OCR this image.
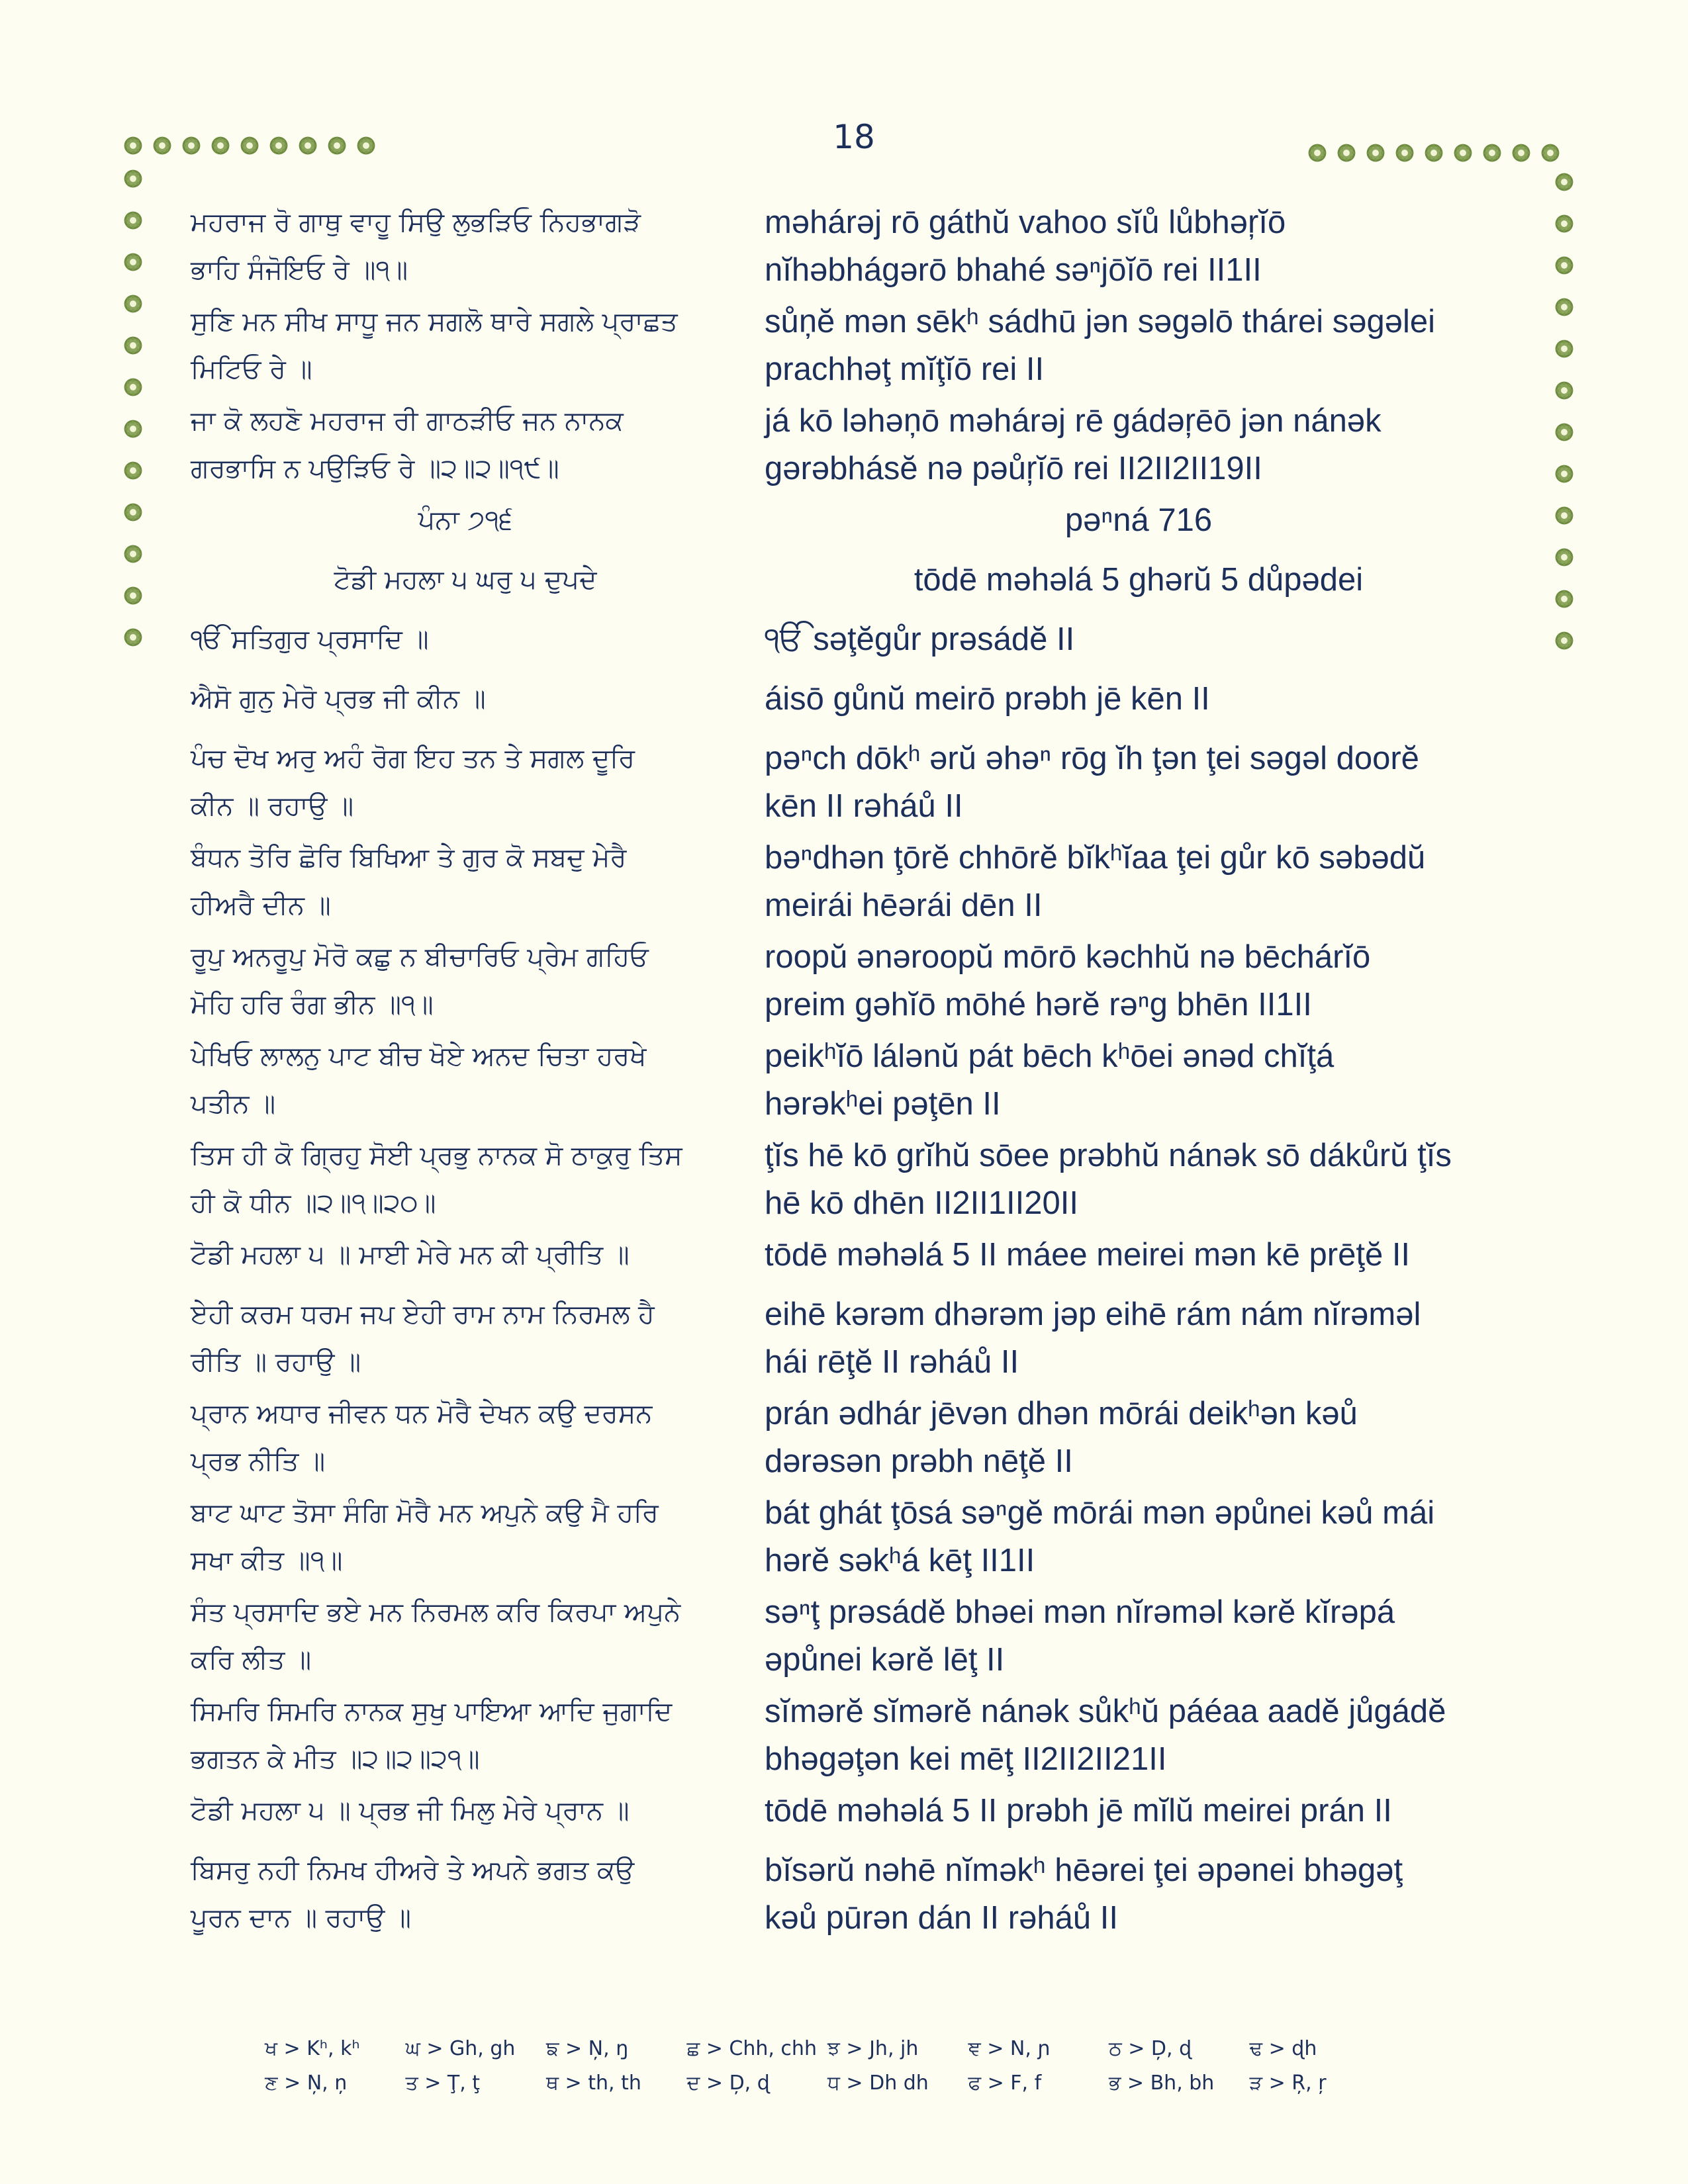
18
ਮਹਰਾਜ ਰੋ ਗਾਥੁ ਵਾਹੂ ਸਿਉ ਲੁਭੜਿਓ ਨਿਹਭਾਗੜੋ
ਭਾਹਿ ਸੰਜੋਇਓ ਰੇ ॥੧॥
ਸੁਣਿ ਮਨ ਸੀਖ ਸਾਧੂ ਜਨ ਸਗਲੋ ਥਾਰੇ ਸਗਲੇ ਪ੍ਰਾਛਤ
ਮਿਟਿਓ ਰੇ ॥
ਜਾ ਕੋ ਲਹਣੋ ਮਹਰਾਜ ਰੀ ਗਾਠੜੀਓ ਜਨ ਨਾਨਕ
ਗਰਭਾਸਿ ਨ ਪਉੜਿਓ ਰੇ ॥੨॥੨॥੧੯॥
ਪੰਨਾ ੭੧੬
ਟੋਡੀ ਮਹਲਾ ੫ ਘਰੁ ੫ ਦੁਪਦੇ
ੴ ਸਤਿਗੁਰ ਪ੍ਰਸਾਦਿ ॥
ਐਸੋ ਗੁਨੁ ਮੇਰੋ ਪ੍ਰਭ ਜੀ ਕੀਨ ॥
ਪੰਚ ਦੋਖ ਅਰੁ ਅਹੰ ਰੋਗ ਇਹ ਤਨ ਤੇ ਸਗਲ ਦੂਰਿ
ਕੀਨ ॥ ਰਹਾਉ ॥
ਬੰਧਨ ਤੋਰਿ ਛੋਰਿ ਬਿਖਿਆ ਤੇ ਗੁਰ ਕੋ ਸਬਦੁ ਮੇਰੈ
ਹੀਅਰੈ ਦੀਨ ॥
ਰੂਪੁ ਅਨਰੂਪੁ ਮੋਰੋ ਕਛੁ ਨ ਬੀਚਾਰਿਓ ਪ੍ਰੇਮ ਗਹਿਓ
ਮੋਹਿ ਹਰਿ ਰੰਗ ਭੀਨ ॥੧॥
ਪੇਖਿਓ ਲਾਲਨੁ ਪਾਟ ਬੀਚ ਖੋਏ ਅਨਦ ਚਿਤਾ ਹਰਖੇ
ਪਤੀਨ ॥
ਤਿਸ ਹੀ ਕੋ ਗ੍ਰਿਹੁ ਸੋਈ ਪ੍ਰਭੁ ਨਾਨਕ ਸੋ ਠਾਕੁਰੁ ਤਿਸ
ਹੀ ਕੋ ਧੀਨ ॥੨॥੧॥੨੦॥
ਟੋਡੀ ਮਹਲਾ ੫ ॥ ਮਾਈ ਮੇਰੇ ਮਨ ਕੀ ਪ੍ਰੀਤਿ ॥
ਏਹੀ ਕਰਮ ਧਰਮ ਜਪ ਏਹੀ ਰਾਮ ਨਾਮ ਨਿਰਮਲ ਹੈ
ਰੀਤਿ ॥ ਰਹਾਉ ॥
ਪ੍ਰਾਨ ਅਧਾਰ ਜੀਵਨ ਧਨ ਮੋਰੈ ਦੇਖਨ ਕਉ ਦਰਸਨ
ਪ੍ਰਭ ਨੀਤਿ ॥
ਬਾਟ ਘਾਟ ਤੋਸਾ ਸੰਗਿ ਮੋਰੈ ਮਨ ਅਪੁਨੇ ਕਉ ਮੈ ਹਰਿ
ਸਖਾ ਕੀਤ ॥੧॥
ਸੰਤ ਪ੍ਰਸਾਦਿ ਭਏ ਮਨ ਨਿਰਮਲ ਕਰਿ ਕਿਰਪਾ ਅਪੁਨੇ
ਕਰਿ ਲੀਤ ॥
ਸਿਮਰਿ ਸਿਮਰਿ ਨਾਨਕ ਸੁਖੁ ਪਾਇਆ ਆਦਿ ਜੁਗਾਦਿ
ਭਗਤਨ ਕੇ ਮੀਤ ॥੨॥੨॥੨੧॥
ਟੋਡੀ ਮਹਲਾ ੫ ॥ ਪ੍ਰਭ ਜੀ ਮਿਲੁ ਮੇਰੇ ਪ੍ਰਾਨ ॥
ਬਿਸਰੁ ਨਹੀ ਨਿਮਖ ਹੀਅਰੇ ਤੇ ਅਪਨੇ ਭਗਤ ਕਉ
ਪੂਰਨ ਦਾਨ ॥ ਰਹਾਉ ॥
məhárəj rō gáthŭ vahoo sĭů lůbhəŗĭō
nĭhəbhágərō bhahé səⁿjōĭō rei II1II
sůņĕ mən sēkʰ sádhū jən səgəlō thárei səgəlei
prachhəţ mĭţĭō rei II
já kō ləhəņō məhárəj rē gádəŗēō jən nánək
gərəbhásĕ nə pəůŗĭō rei II2II2II19II
pəⁿná 716
tōdē məhəlá 5 ghərŭ 5 důpədei
ੴ səţĕgůr prəsádĕ II
áisō gůnŭ meirō prəbh jē kēn II
pəⁿch dōkʰ ərŭ əhəⁿ rōg ĭh ţən ţei səgəl doorĕ
kēn II rəháů II
bəⁿdhən ţōrĕ chhōrĕ bĭkʰĭaa ţei gůr kō səbədŭ
meirái hēərái dēn II
roopŭ ənəroopŭ mōrō kəchhŭ nə bēchárĭō
preim gəhĭō mōhé hərĕ rəⁿg bhēn II1II
peikʰĭō lálənŭ pát bēch kʰōei ənəd chĭţá
hərəkʰei pəţēn II
ţĭs hē kō grĭhŭ sōee prəbhŭ nánək sō dákůrŭ ţĭs
hē kō dhēn II2II1II20II
tōdē məhəlá 5 II máee meirei mən kē prēţĕ II
eihē kərəm dhərəm jəp eihē rám nám nĭrəməl
hái rēţĕ II rəháů II
prán ədhár jēvən dhən mōrái deikʰən kəů
dərəsən prəbh nēţĕ II
bát ghát ţōsá səⁿgĕ mōrái mən əpůnei kəů mái
hərĕ səkʰá kēţ II1II
səⁿţ prəsádĕ bhəei mən nĭrəməl kərĕ kĭrəpá
əpůnei kərĕ lēţ II
sĭmərĕ sĭmərĕ nánək sůkʰŭ páéaa aadĕ jůgádĕ
bhəgəţən kei mēţ II2II2II21II
tōdē məhəlá 5 II prəbh jē mĭlŭ meirei prán II
bĭsərŭ nəhē nĭməkʰ hēərei ţei əpənei bhəgəţ
kəů pūrən dán II rəháů II
ਖ > Kʰ, kʰ	ਘ > Gh, gh	ਙ > N̦, ŋ	ਛ > Chh, chh ਝ > Jh, jh	ਞ > N, ɲ	ਠ > D̦, ɖ	ਢ > ɖh
ਣ > N̦, ņ	ਤ > Ţ, ţ	ਥ > th, th	ਦ > D̦, ɖ	ਧ > Dh dh	ਫ > F, f	ਭ > Bh, bh	ੜ > Ŗ, ŗ
